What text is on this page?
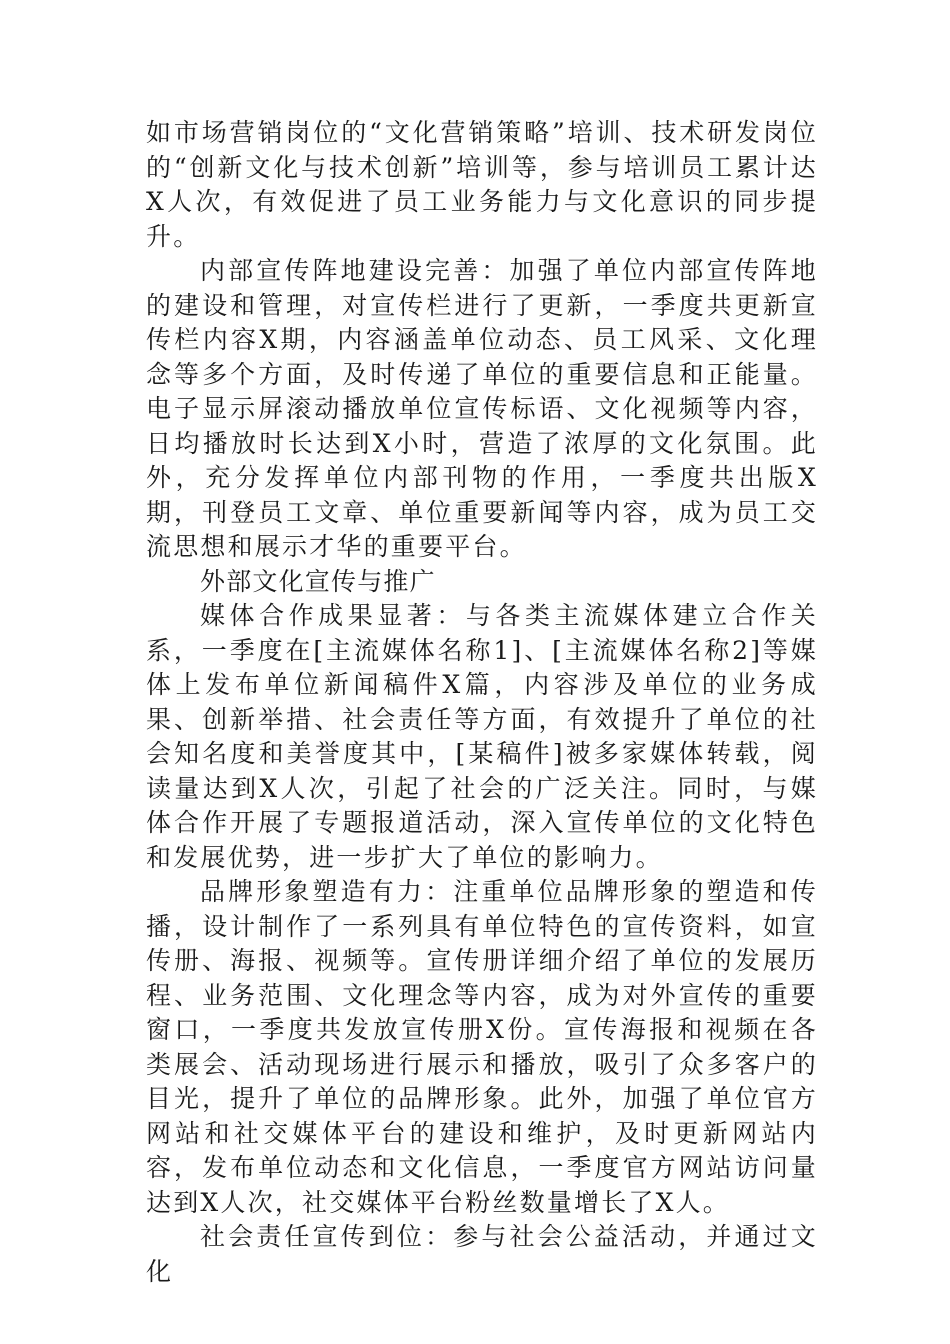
如市场营销岗位的“文化营销策略”培训、技术研发岗位的“创新文化与技术创新”培训等，参与培训员工累计达X人次，有效促进了员工业务能力与文化意识的同步提升。

内部宣传阵地建设完善：加强了单位内部宣传阵地的建设和管理，对宣传栏进行了更新，一季度共更新宣传栏内容X期，内容涵盖单位动态、员工风采、文化理念等多个方面，及时传递了单位的重要信息和正能量。电子显示屏滚动播放单位宣传标语、文化视频等内容，日均播放时长达到X小时，营造了浓厚的文化氛围。此外，充分发挥单位内部刊物的作用，一季度共出版X期，刊登员工文章、单位重要新闻等内容，成为员工交流思想和展示才华的重要平台。

外部文化宣传与推广

媒体合作成果显著：与各类主流媒体建立合作关系，一季度在[主流媒体名称1]、[主流媒体名称2]等媒体上发布单位新闻稿件X篇，内容涉及单位的业务成果、创新举措、社会责任等方面，有效提升了单位的社会知名度和美誉度其中，[某稿件]被多家媒体转载，阅读量达到X人次，引起了社会的广泛关注。同时，与媒体合作开展了专题报道活动，深入宣传单位的文化特色和发展优势，进一步扩大了单位的影响力。

品牌形象塑造有力：注重单位品牌形象的塑造和传播，设计制作了一系列具有单位特色的宣传资料，如宣传册、海报、视频等。宣传册详细介绍了单位的发展历程、业务范围、文化理念等内容，成为对外宣传的重要窗口，一季度共发放宣传册X份。宣传海报和视频在各类展会、活动现场进行展示和播放，吸引了众多客户的目光，提升了单位的品牌形象。此外，加强了单位官方网站和社交媒体平台的建设和维护，及时更新网站内容，发布单位动态和文化信息，一季度官方网站访问量达到X人次，社交媒体平台粉丝数量增长了X人。

社会责任宣传到位：参与社会公益活动，并通过文化
